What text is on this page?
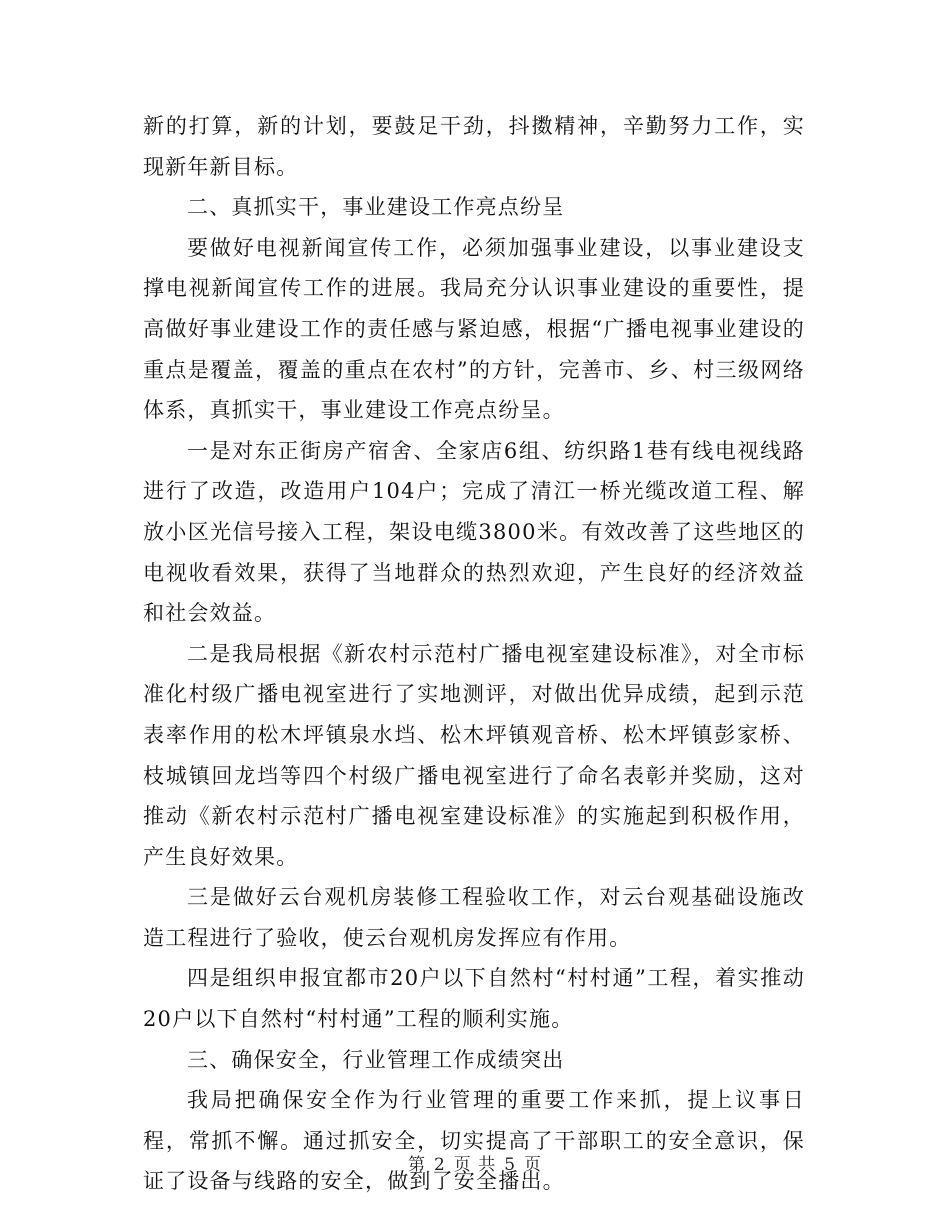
新的打算，新的计划，要鼓足干劲，抖擞精神，辛勤努力工作，实现新年新目标。

二、真抓实干，事业建设工作亮点纷呈

要做好电视新闻宣传工作，必须加强事业建设，以事业建设支撑电视新闻宣传工作的进展。我局充分认识事业建设的重要性，提高做好事业建设工作的责任感与紧迫感，根据“广播电视事业建设的重点是覆盖，覆盖的重点在农村”的方针，完善市、乡、村三级网络体系，真抓实干，事业建设工作亮点纷呈。

一是对东正街房产宿舍、全家店6组、纺织路1巷有线电视线路进行了改造，改造用户104户；完成了清江一桥光缆改道工程、解放小区光信号接入工程，架设电缆3800米。有效改善了这些地区的电视收看效果，获得了当地群众的热烈欢迎，产生良好的经济效益和社会效益。

二是我局根据《新农村示范村广播电视室建设标准》，对全市标准化村级广播电视室进行了实地测评，对做出优异成绩，起到示范表率作用的松木坪镇泉水垱、松木坪镇观音桥、松木坪镇彭家桥、枝城镇回龙垱等四个村级广播电视室进行了命名表彰并奖励，这对推动《新农村示范村广播电视室建设标准》的实施起到积极作用，产生良好效果。

三是做好云台观机房装修工程验收工作，对云台观基础设施改造工程进行了验收，使云台观机房发挥应有作用。

四是组织申报宜都市20户以下自然村“村村通”工程，着实推动20户以下自然村“村村通”工程的顺利实施。

三、确保安全，行业管理工作成绩突出

我局把确保安全作为行业管理的重要工作来抓，提上议事日程，常抓不懈。通过抓安全，切实提高了干部职工的安全意识，保证了设备与线路的安全，做到了安全播出。

第 2 页 共 5 页
